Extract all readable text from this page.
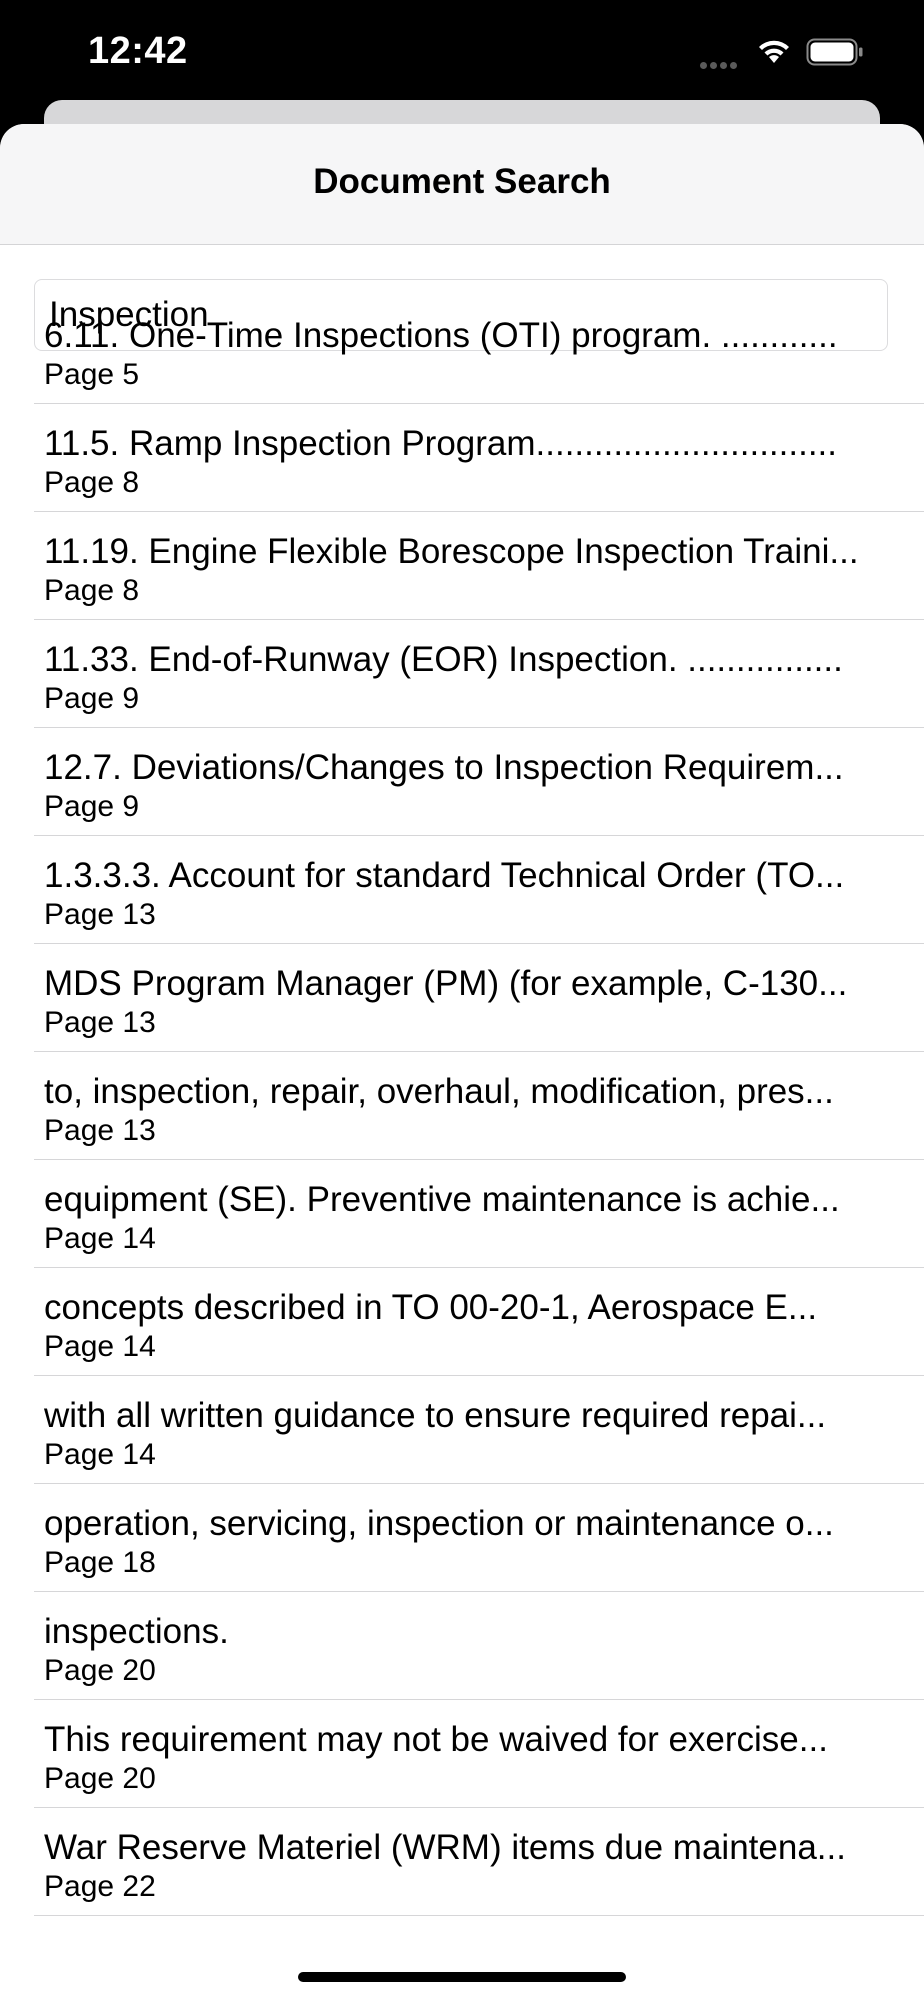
12:42
Document Search
Inspection
6.11. One-Time Inspections (OTI) program. ............
Page 5
11.5. Ramp Inspection Program...............................
Page 8
11.19. Engine Flexible Borescope Inspection Traini...
Page 8
11.33. End-of-Runway (EOR) Inspection. ................
Page 9
12.7. Deviations/Changes to Inspection Requirem...
Page 9
1.3.3.3. Account for standard Technical Order (TO...
Page 13
MDS Program Manager (PM) (for example, C-130...
Page 13
to, inspection, repair, overhaul, modification, pres...
Page 13
equipment (SE). Preventive maintenance is achie...
Page 14
concepts described in TO 00-20-1, Aerospace E...
Page 14
with all written guidance to ensure required repai...
Page 14
operation, servicing, inspection or maintenance o...
Page 18
inspections.
Page 20
This requirement may not be waived for exercise...
Page 20
War Reserve Materiel (WRM) items due maintena...
Page 22
